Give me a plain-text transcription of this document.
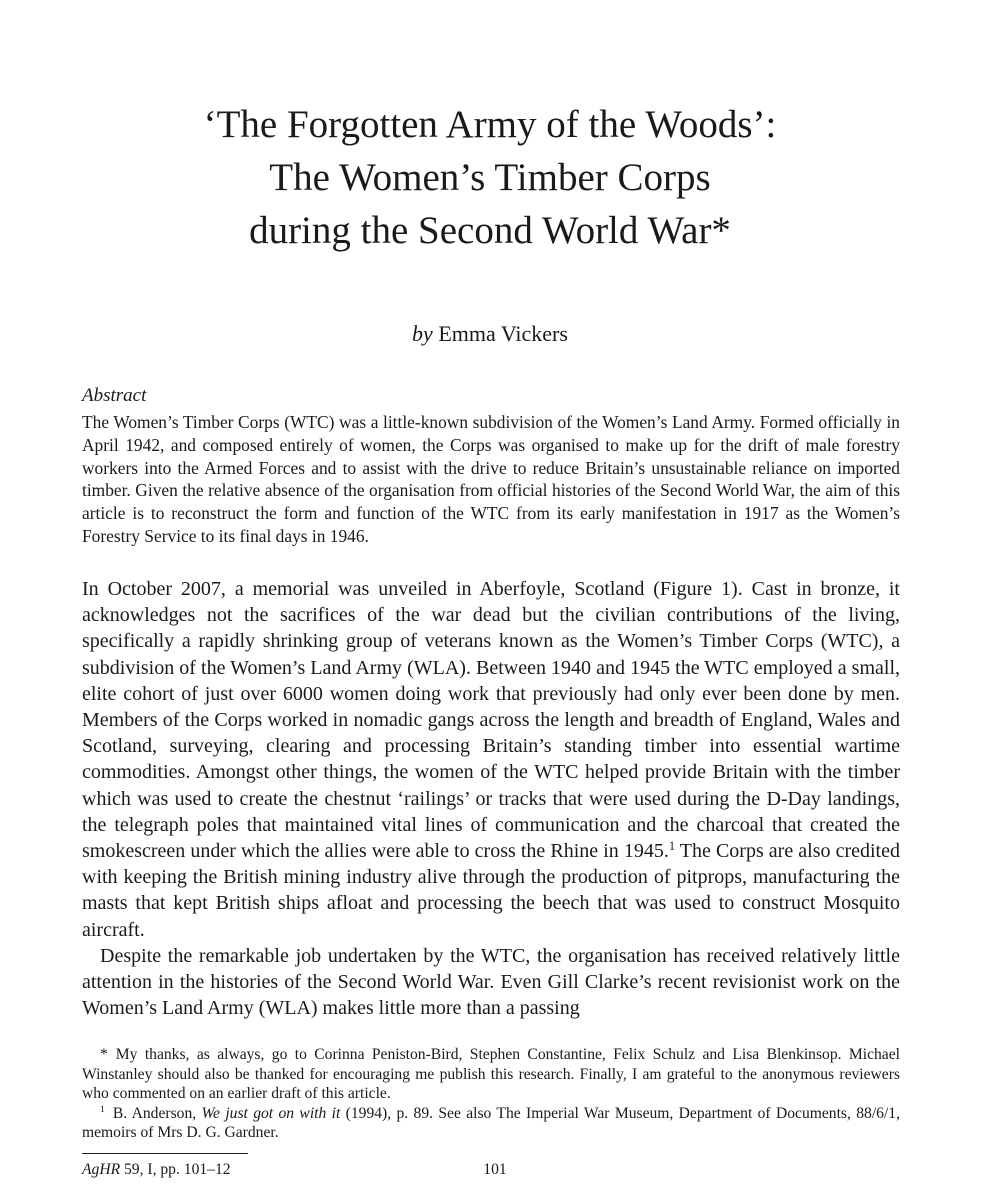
‘The Forgotten Army of the Woods’:
The Women’s Timber Corps
during the Second World War*
by Emma Vickers
Abstract
The Women’s Timber Corps (WTC) was a little-known subdivision of the Women’s Land Army. Formed officially in April 1942, and composed entirely of women, the Corps was organised to make up for the drift of male forestry workers into the Armed Forces and to assist with the drive to reduce Britain’s unsustainable reliance on imported timber. Given the relative absence of the organisation from official histories of the Second World War, the aim of this article is to reconstruct the form and function of the WTC from its early manifestation in 1917 as the Women’s Forestry Service to its final days in 1946.

In October 2007, a memorial was unveiled in Aberfoyle, Scotland (Figure 1). Cast in bronze, it acknowledges not the sacrifices of the war dead but the civilian contributions of the living, specifically a rapidly shrinking group of veterans known as the Women’s Timber Corps (WTC), a subdivision of the Women’s Land Army (WLA). Between 1940 and 1945 the WTC employed a small, elite cohort of just over 6000 women doing work that previously had only ever been done by men. Members of the Corps worked in nomadic gangs across the length and breadth of England, Wales and Scotland, surveying, clearing and processing Britain’s standing timber into essential wartime commodities. Amongst other things, the women of the WTC helped provide Britain with the timber which was used to create the chestnut ‘railings’ or tracks that were used during the D-Day landings, the telegraph poles that maintained vital lines of communication and the charcoal that created the smokescreen under which the allies were able to cross the Rhine in 1945.$^1$ The Corps are also credited with keeping the British mining industry alive through the production of pitprops, manufacturing the masts that kept British ships afloat and processing the beech that was used to construct Mosquito aircraft.

Despite the remarkable job undertaken by the WTC, the organisation has received relatively little attention in the histories of the Second World War. Even Gill Clarke’s recent revisionist work on the Women’s Land Army (WLA) makes little more than a passing

* My thanks, as always, go to Corinna Peniston-Bird, Stephen Constantine, Felix Schulz and Lisa Blenkinsop. Michael Winstanley should also be thanked for encouraging me publish this research. Finally, I am grateful to the anonymous reviewers who commented on an earlier draft of this article.

$^1$ B. Anderson, We just got on with it (1994), p. 89. See also The Imperial War Museum, Department of Documents, 88/6/1, memoirs of Mrs D. G. Gardner.

AgHR 59, I, pp. 101–12	101
